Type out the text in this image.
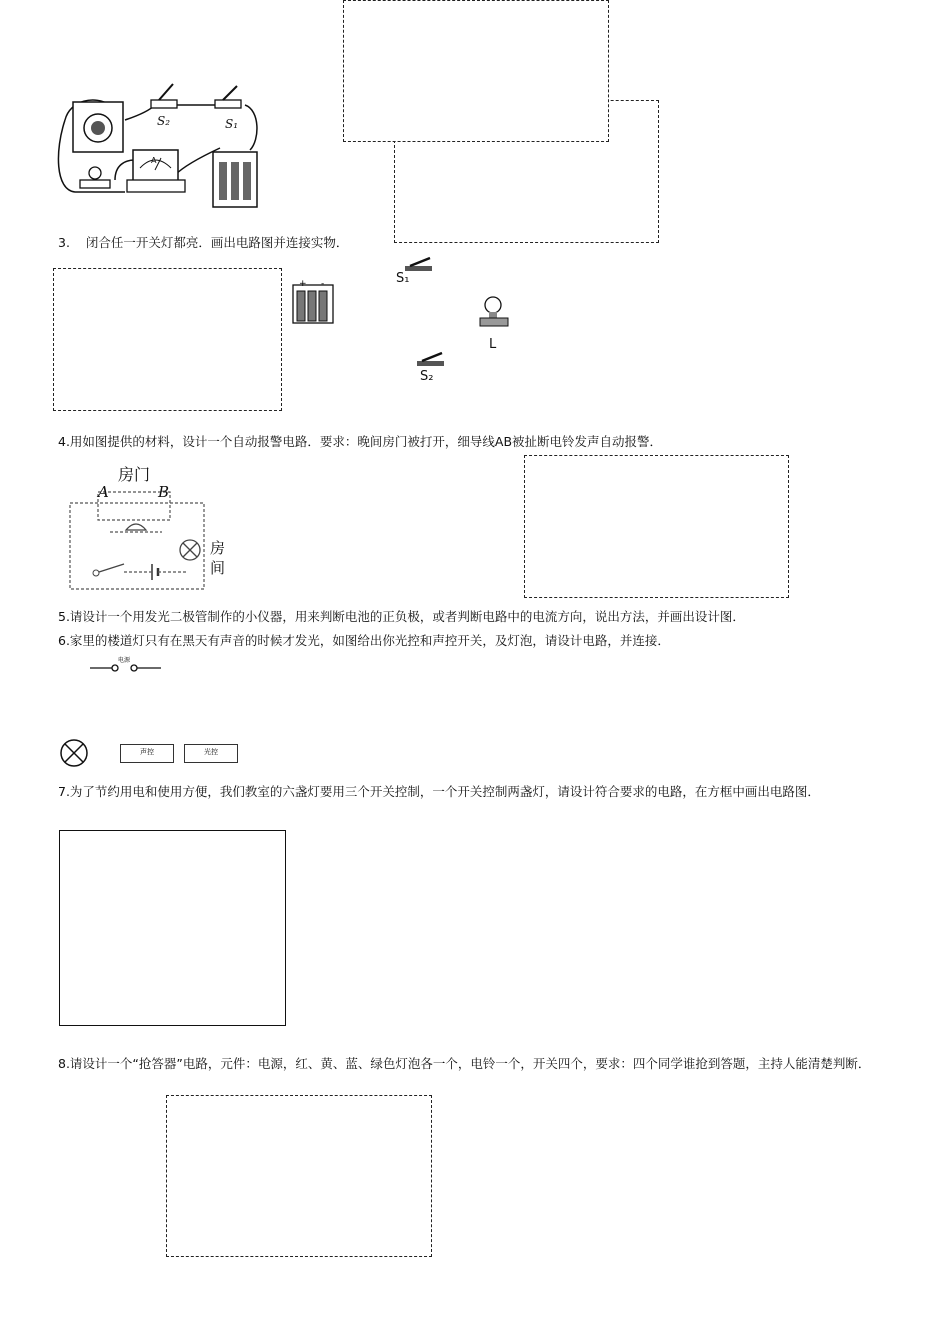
S₂	S₁
A
3. 闭合任一开关灯都亮．画出电路图并连接实物．
+ -	S₁
L
S₂
4.用如图提供的材料，设计一个自动报警电路．要求：晚间房门被打开，细导线AB被扯断电铃发声自动报警．
房门
A	B
房间
5.请设计一个用发光二极管制作的小仪器，用来判断电池的正负极，或者判断电路中的电流方向，说出方法，并画出设计图．
6.家里的楼道灯只有在黑天有声音的时候才发光，如图给出你光控和声控开关，及灯泡，请设计电路，并连接．
电源
声控	光控
7.为了节约用电和使用方便，我们教室的六盏灯要用三个开关控制，一个开关控制两盏灯，请设计符合要求的电路，在方框中画出电路图．
8.请设计一个“抢答器”电路，元件：电源，红、黄、蓝、绿色灯泡各一个，电铃一个，开关四个，要求：四个同学谁抢到答题，主持人能清楚判断．
